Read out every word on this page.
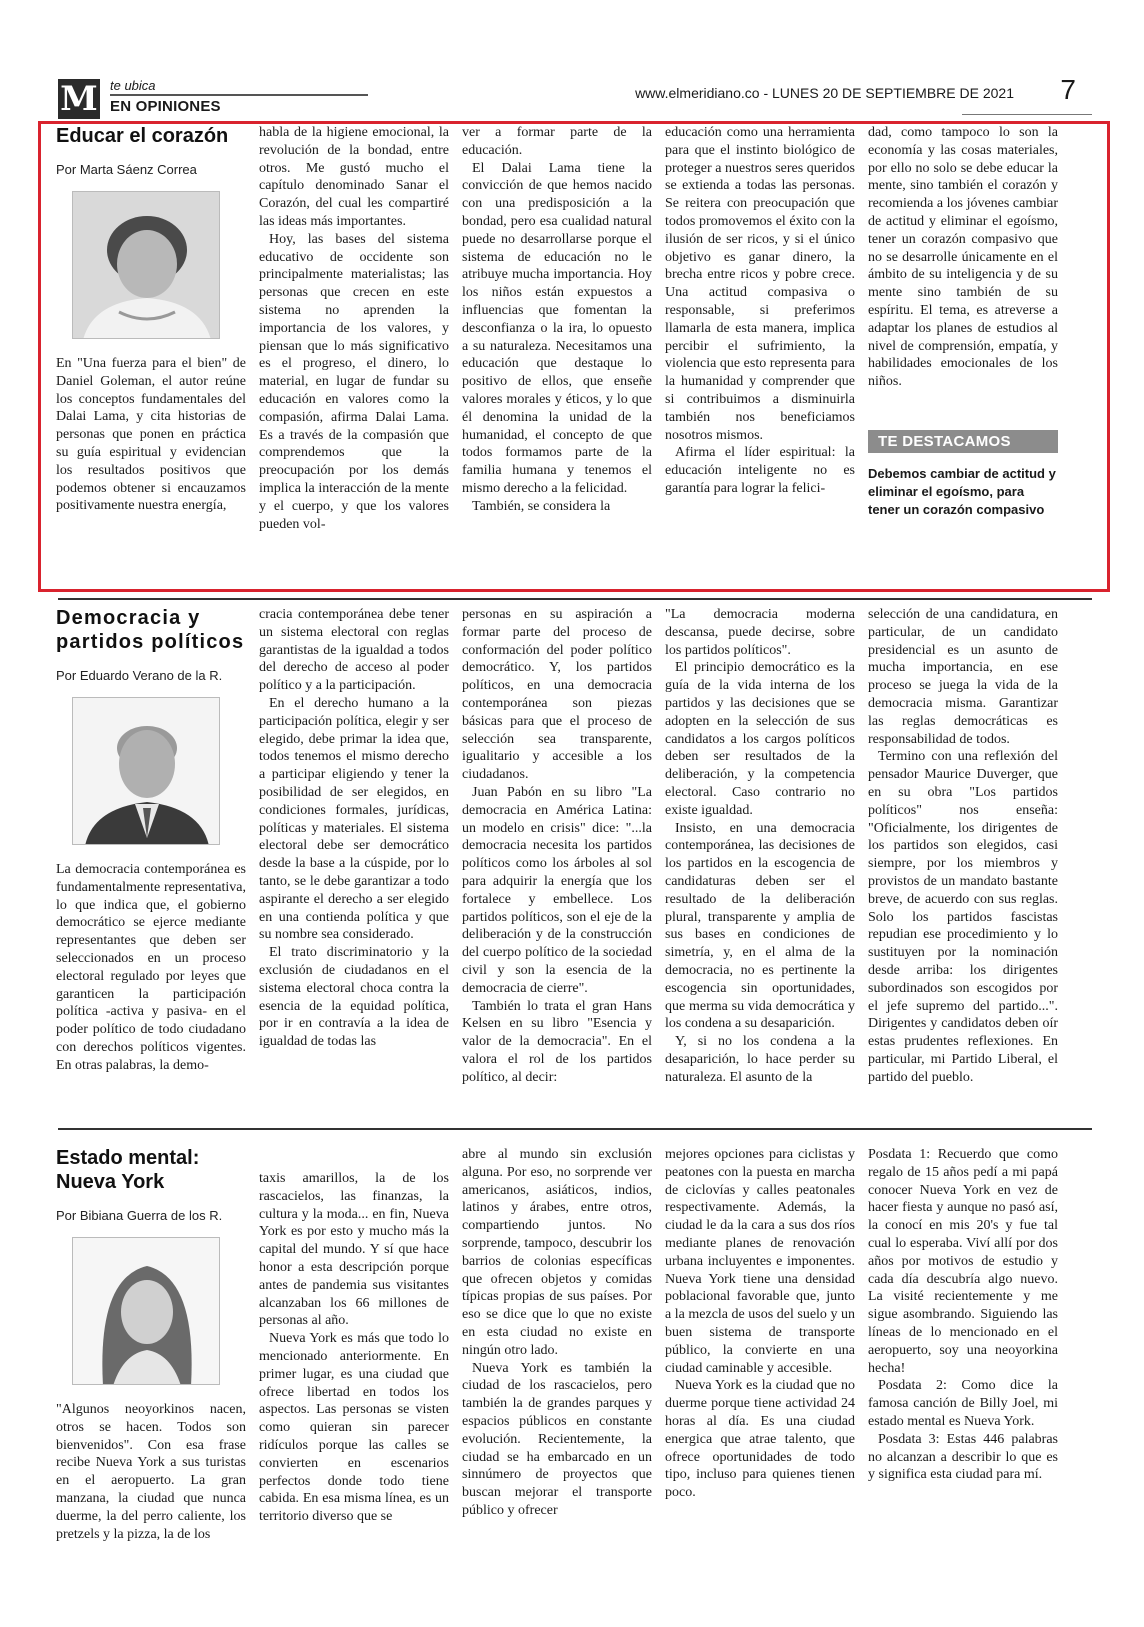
M te ubica
EN OPINIONES
www.elmeridiano.co - LUNES 20 DE SEPTIEMBRE DE 2021 7
Educar el corazón
Por Marta Sáenz Correa

En "Una fuerza para el bien" de Daniel Goleman, el autor reúne los conceptos fundamentales del Dalai Lama, y cita historias de personas que ponen en práctica su guía espiritual y evidencian los resultados positivos que podemos obtener si encauzamos positivamente nuestra energía,

habla de la higiene emocional, la revolución de la bondad, entre otros. Me gustó mucho el capítulo denominado Sanar el Corazón, del cual les compartiré las ideas más importantes.

Hoy, las bases del sistema educativo de occidente son principalmente materialistas; las personas que crecen en este sistema no aprenden la importancia de los valores, y piensan que lo más significativo es el progreso, el dinero, lo material, en lugar de fundar su educación en valores como la compasión, afirma Dalai Lama. Es a través de la compasión que comprendemos que la preocupación por los demás implica la interacción de la mente y el cuerpo, y que los valores pueden vol-

ver a formar parte de la educación.

El Dalai Lama tiene la convicción de que hemos nacido con una predisposición a la bondad, pero esa cualidad natural puede no desarrollarse porque el sistema de educación no le atribuye mucha importancia. Hoy los niños están expuestos a influencias que fomentan la desconfianza o la ira, lo opuesto a su naturaleza. Necesitamos una educación que destaque lo positivo de ellos, que enseñe valores morales y éticos, y lo que él denomina la unidad de la humanidad, el concepto de que todos formamos parte de la familia humana y tenemos el mismo derecho a la felicidad.

También, se considera la

educación como una herramienta para que el instinto biológico de proteger a nuestros seres queridos se extienda a todas las personas. Se reitera con preocupación que todos promovemos el éxito con la ilusión de ser ricos, y si el único objetivo es ganar dinero, la brecha entre ricos y pobre crece. Una actitud compasiva o responsable, si preferimos llamarla de esta manera, implica percibir el sufrimiento, la violencia que esto representa para la humanidad y comprender que si contribuimos a disminuirla también nos beneficiamos nosotros mismos.

Afirma el líder espiritual: la educación inteligente no es garantía para lograr la felici-

dad, como tampoco lo son la economía y las cosas materiales, por ello no solo se debe educar la mente, sino también el corazón y recomienda a los jóvenes cambiar de actitud y eliminar el egoísmo, tener un corazón compasivo que no se desarrolle únicamente en el ámbito de su inteligencia y de su mente sino también de su espíritu. El tema, es atreverse a adaptar los planes de estudios al nivel de comprensión, empatía, y habilidades emocionales de los niños.

TE DESTACAMOS
Debemos cambiar de actitud y eliminar el egoísmo, para tener un corazón compasivo
Democracia y partidos políticos
Por Eduardo Verano de la R.

La democracia contemporánea es fundamentalmente representativa, lo que indica que, el gobierno democrático se ejerce mediante representantes que deben ser seleccionados en un proceso electoral regulado por leyes que garanticen la participación política -activa y pasiva- en el poder político de todo ciudadano con derechos políticos vigentes. En otras palabras, la demo-

cracia contemporánea debe tener un sistema electoral con reglas garantistas de la igualdad a todos del derecho de acceso al poder político y a la participación.

En el derecho humano a la participación política, elegir y ser elegido, debe primar la idea que, todos tenemos el mismo derecho a participar eligiendo y tener la posibilidad de ser elegidos, en condiciones formales, jurídicas, políticas y materiales. El sistema electoral debe ser democrático desde la base a la cúspide, por lo tanto, se le debe garantizar a todo aspirante el derecho a ser elegido en una contienda política y que su nombre sea considerado.

El trato discriminatorio y la exclusión de ciudadanos en el sistema electoral choca contra la esencia de la equidad política, por ir en contravía a la idea de igualdad de todas las

personas en su aspiración a formar parte del proceso de conformación del poder político democrático. Y, los partidos políticos, en una democracia contemporánea son piezas básicas para que el proceso de selección sea transparente, igualitario y accesible a los ciudadanos.

Juan Pabón en su libro "La democracia en América Latina: un modelo en crisis" dice: "...la democracia necesita los partidos políticos como los árboles al sol para adquirir la energía que los fortalece y embellece. Los partidos políticos, son el eje de la deliberación y de la construcción del cuerpo político de la sociedad civil y son la esencia de la democracia de cierre".

También lo trata el gran Hans Kelsen en su libro "Esencia y valor de la democracia". En el valora el rol de los partidos político, al decir:

"La democracia moderna descansa, puede decirse, sobre los partidos políticos".

El principio democrático es la guía de la vida interna de los partidos y las decisiones que se adopten en la selección de sus candidatos a los cargos políticos deben ser resultados de la deliberación, y la competencia electoral. Caso contrario no existe igualdad.

Insisto, en una democracia contemporánea, las decisiones de los partidos en la escogencia de candidaturas deben ser el resultado de la deliberación plural, transparente y amplia de sus bases en condiciones de simetría, y, en el alma de la democracia, no es pertinente la escogencia sin oportunidades, que merma su vida democrática y los condena a su desaparición.

Y, si no los condena a la desaparición, lo hace perder su naturaleza. El asunto de la

selección de una candidatura, en particular, de un candidato presidencial es un asunto de mucha importancia, en ese proceso se juega la vida de la democracia misma. Garantizar las reglas democráticas es responsabilidad de todos.

Termino con una reflexión del pensador Maurice Duverger, que en su obra "Los partidos políticos" nos enseña: "Oficialmente, los dirigentes de los partidos son elegidos, casi siempre, por los miembros y provistos de un mandato bastante breve, de acuerdo con sus reglas. Solo los partidos fascistas repudian ese procedimiento y lo sustituyen por la nominación desde arriba: los dirigentes subordinados son escogidos por el jefe supremo del partido...". Dirigentes y candidatos deben oír estas prudentes reflexiones. En particular, mi Partido Liberal, el partido del pueblo.

Estado mental: Nueva York
Por Bibiana Guerra de los R.

"Algunos neoyorkinos nacen, otros se hacen. Todos son bienvenidos". Con esa frase recibe Nueva York a sus turistas en el aeropuerto. La gran manzana, la ciudad que nunca duerme, la del perro caliente, los pretzels y la pizza, la de los

taxis amarillos, la de los rascacielos, las finanzas, la cultura y la moda... en fin, Nueva York es por esto y mucho más la capital del mundo. Y sí que hace honor a esta descripción porque antes de pandemia sus visitantes alcanzaban los 66 millones de personas al año.

Nueva York es más que todo lo mencionado anteriormente. En primer lugar, es una ciudad que ofrece libertad en todos los aspectos. Las personas se visten como quieran sin parecer ridículos porque las calles se convierten en escenarios perfectos donde todo tiene cabida. En esa misma línea, es un territorio diverso que se

abre al mundo sin exclusión alguna. Por eso, no sorprende ver americanos, asiáticos, indios, latinos y árabes, entre otros, compartiendo juntos. No sorprende, tampoco, descubrir los barrios de colonias específicas que ofrecen objetos y comidas típicas propias de sus países. Por eso se dice que lo que no existe en esta ciudad no existe en ningún otro lado.

Nueva York es también la ciudad de los rascacielos, pero también la de grandes parques y espacios públicos en constante evolución. Recientemente, la ciudad se ha embarcado en un sinnúmero de proyectos que buscan mejorar el transporte público y ofrecer

mejores opciones para ciclistas y peatones con la puesta en marcha de ciclovías y calles peatonales respectivamente. Además, la ciudad le da la cara a sus dos ríos mediante planes de renovación urbana incluyentes e imponentes. Nueva York tiene una densidad poblacional favorable que, junto a la mezcla de usos del suelo y un buen sistema de transporte público, la convierte en una ciudad caminable y accesible.

Nueva York es la ciudad que no duerme porque tiene actividad 24 horas al día. Es una ciudad energica que atrae talento, que ofrece oportunidades de todo tipo, incluso para quienes tienen poco.

Posdata 1: Recuerdo que como regalo de 15 años pedí a mi papá conocer Nueva York en vez de hacer fiesta y aunque no pasó así, la conocí en mis 20's y fue tal cual lo esperaba. Viví allí por dos años por motivos de estudio y cada día descubría algo nuevo. La visité recientemente y me sigue asombrando. Siguiendo las líneas de lo mencionado en el aeropuerto, soy una neoyorkina hecha!

Posdata 2: Como dice la famosa canción de Billy Joel, mi estado mental es Nueva York.

Posdata 3: Estas 446 palabras no alcanzan a describir lo que es y significa esta ciudad para mí.
